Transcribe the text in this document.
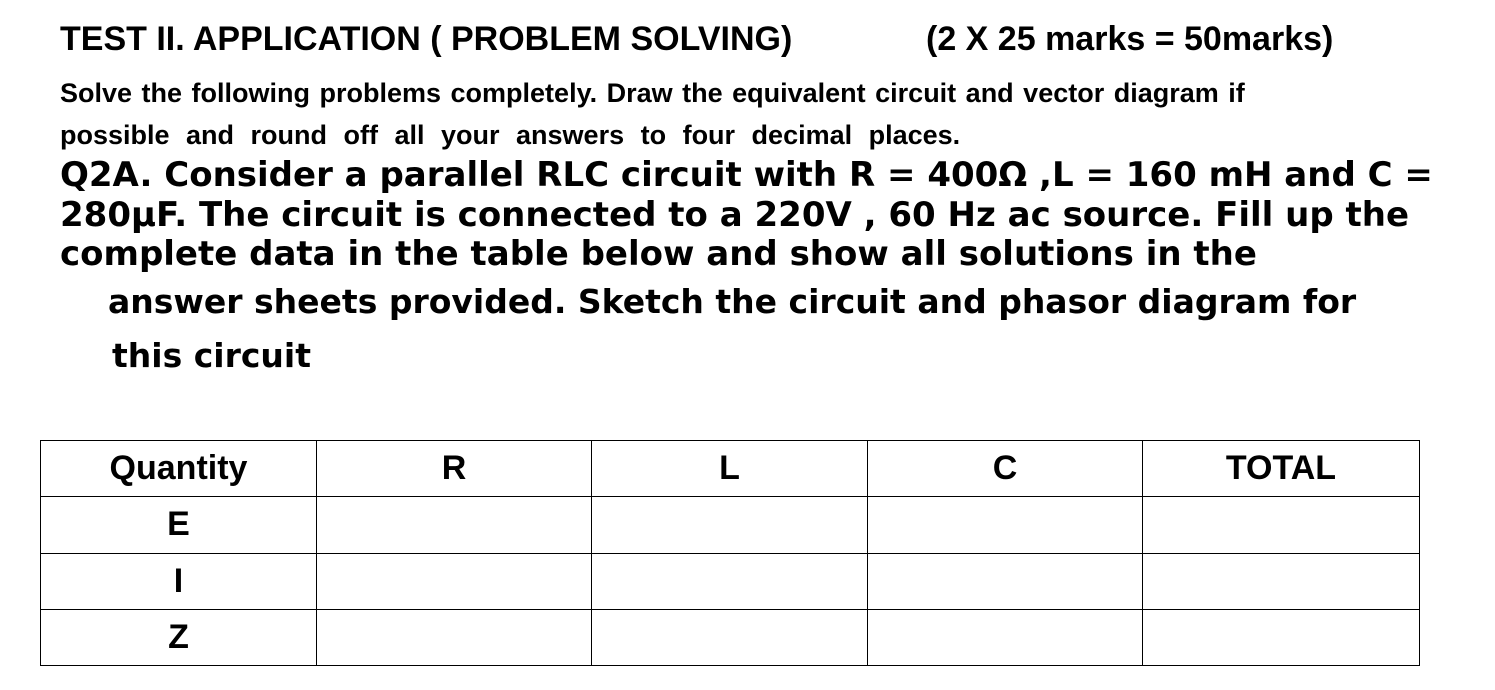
TEST II. APPLICATION ( PROBLEM SOLVING)	(2 X 25 marks = 50marks)
Solve the following problems completely. Draw the equivalent circuit and vector diagram if
possible and round off all your answers to four decimal places.
Q2A. Consider a parallel RLC circuit with R = 400Ω ,L = 160 mH and C =
280μF. The circuit is connected to a 220V , 60 Hz ac source. Fill up the
complete data in the table below and show all solutions in the
answer sheets provided. Sketch the circuit and phasor diagram for
this circuit
Quantity	R	L	C	TOTAL
E				
I				
Z				
